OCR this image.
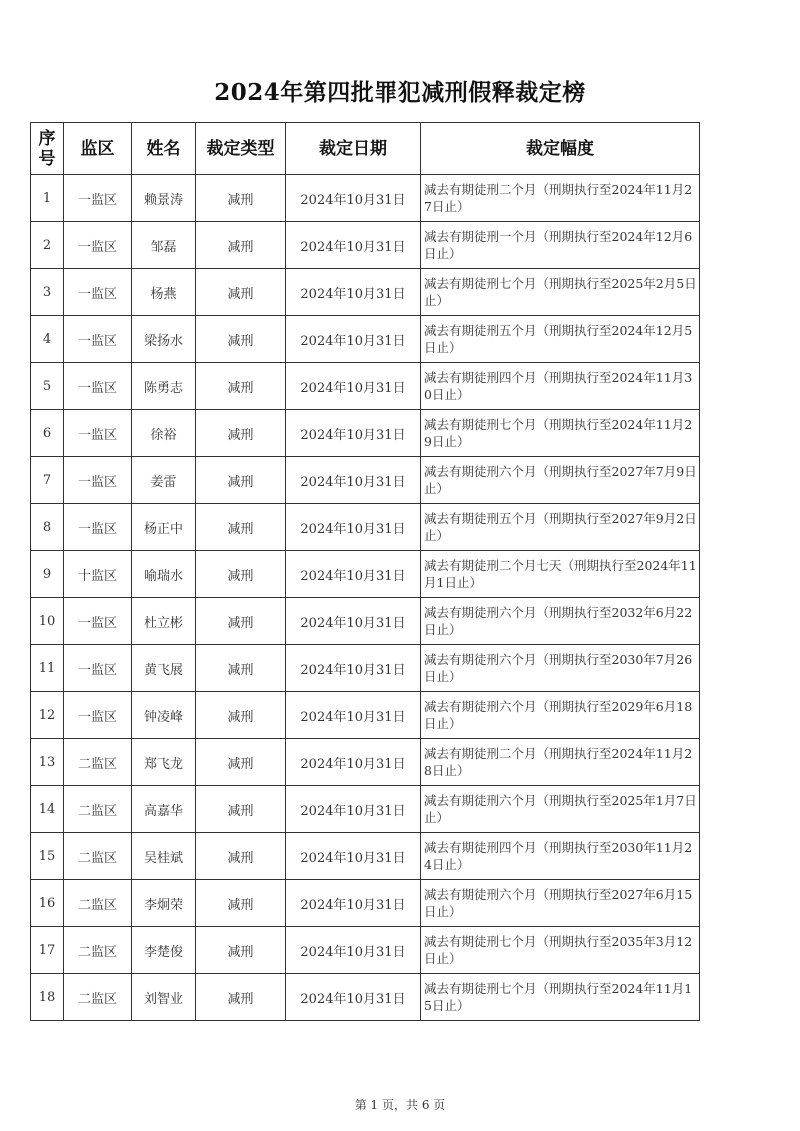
2024年第四批罪犯减刑假释裁定榜
序号	监区	姓名	裁定类型	裁定日期	裁定幅度
1	一监区	赖景涛	减刑	2024年10月31日	减去有期徒刑二个月（刑期执行至2024年11月27日止）
2	一监区	邹磊	减刑	2024年10月31日	减去有期徒刑一个月（刑期执行至2024年12月6日止）
3	一监区	杨燕	减刑	2024年10月31日	减去有期徒刑七个月（刑期执行至2025年2月5日止）
4	一监区	梁扬水	减刑	2024年10月31日	减去有期徒刑五个月（刑期执行至2024年12月5日止）
5	一监区	陈勇志	减刑	2024年10月31日	减去有期徒刑四个月（刑期执行至2024年11月30日止）
6	一监区	徐裕	减刑	2024年10月31日	减去有期徒刑七个月（刑期执行至2024年11月29日止）
7	一监区	姜雷	减刑	2024年10月31日	减去有期徒刑六个月（刑期执行至2027年7月9日止）
8	一监区	杨正中	减刑	2024年10月31日	减去有期徒刑五个月（刑期执行至2027年9月2日止）
9	十监区	喻瑞水	减刑	2024年10月31日	减去有期徒刑二个月七天（刑期执行至2024年11月1日止）
10	一监区	杜立彬	减刑	2024年10月31日	减去有期徒刑六个月（刑期执行至2032年6月22日止）
11	一监区	黄飞展	减刑	2024年10月31日	减去有期徒刑六个月（刑期执行至2030年7月26日止）
12	一监区	钟凌峰	减刑	2024年10月31日	减去有期徒刑六个月（刑期执行至2029年6月18日止）
13	二监区	郑飞龙	减刑	2024年10月31日	减去有期徒刑二个月（刑期执行至2024年11月28日止）
14	二监区	高嘉华	减刑	2024年10月31日	减去有期徒刑六个月（刑期执行至2025年1月7日止）
15	二监区	吴桂斌	减刑	2024年10月31日	减去有期徒刑四个月（刑期执行至2030年11月24日止）
16	二监区	李炯荣	减刑	2024年10月31日	减去有期徒刑六个月（刑期执行至2027年6月15日止）
17	二监区	李楚俊	减刑	2024年10月31日	减去有期徒刑七个月（刑期执行至2035年3月12日止）
18	二监区	刘智业	减刑	2024年10月31日	减去有期徒刑七个月（刑期执行至2024年11月15日止）
第 1 页，共 6 页
